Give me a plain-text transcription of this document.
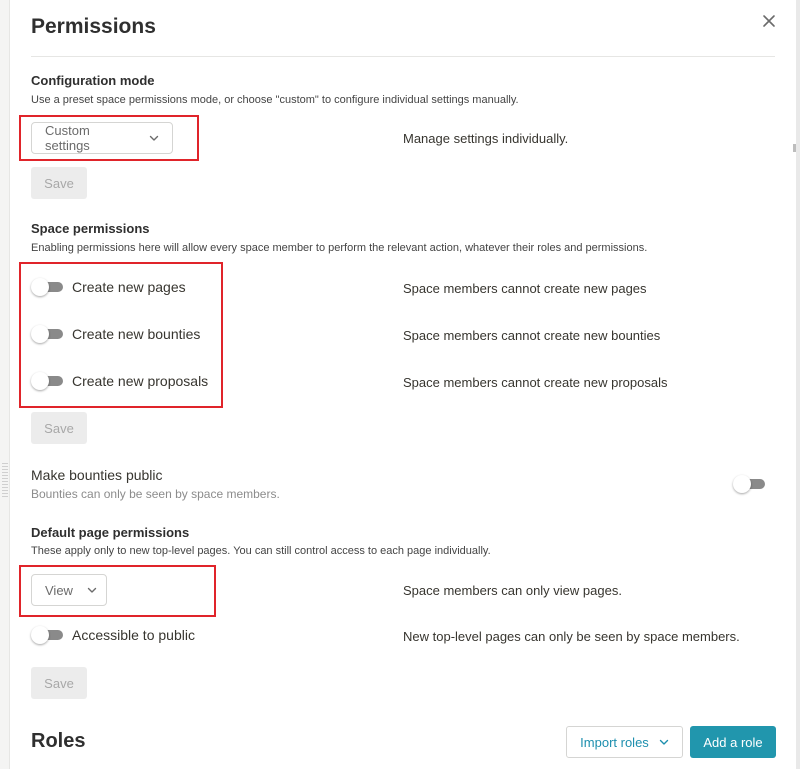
Permissions
Configuration mode
Use a preset space permissions mode, or choose "custom" to configure individual settings manually.
Custom settings	Manage settings individually.
Save
Space permissions
Enabling permissions here will allow every space member to perform the relevant action, whatever their roles and permissions.
Create new pages	Space members cannot create new pages
Create new bounties	Space members cannot create new bounties
Create new proposals	Space members cannot create new proposals
Save
Make bounties public
Bounties can only be seen by space members.
Default page permissions
These apply only to new top-level pages. You can still control access to each page individually.
View	Space members can only view pages.
Accessible to public	New top-level pages can only be seen by space members.
Save
Roles	Import roles	Add a role
